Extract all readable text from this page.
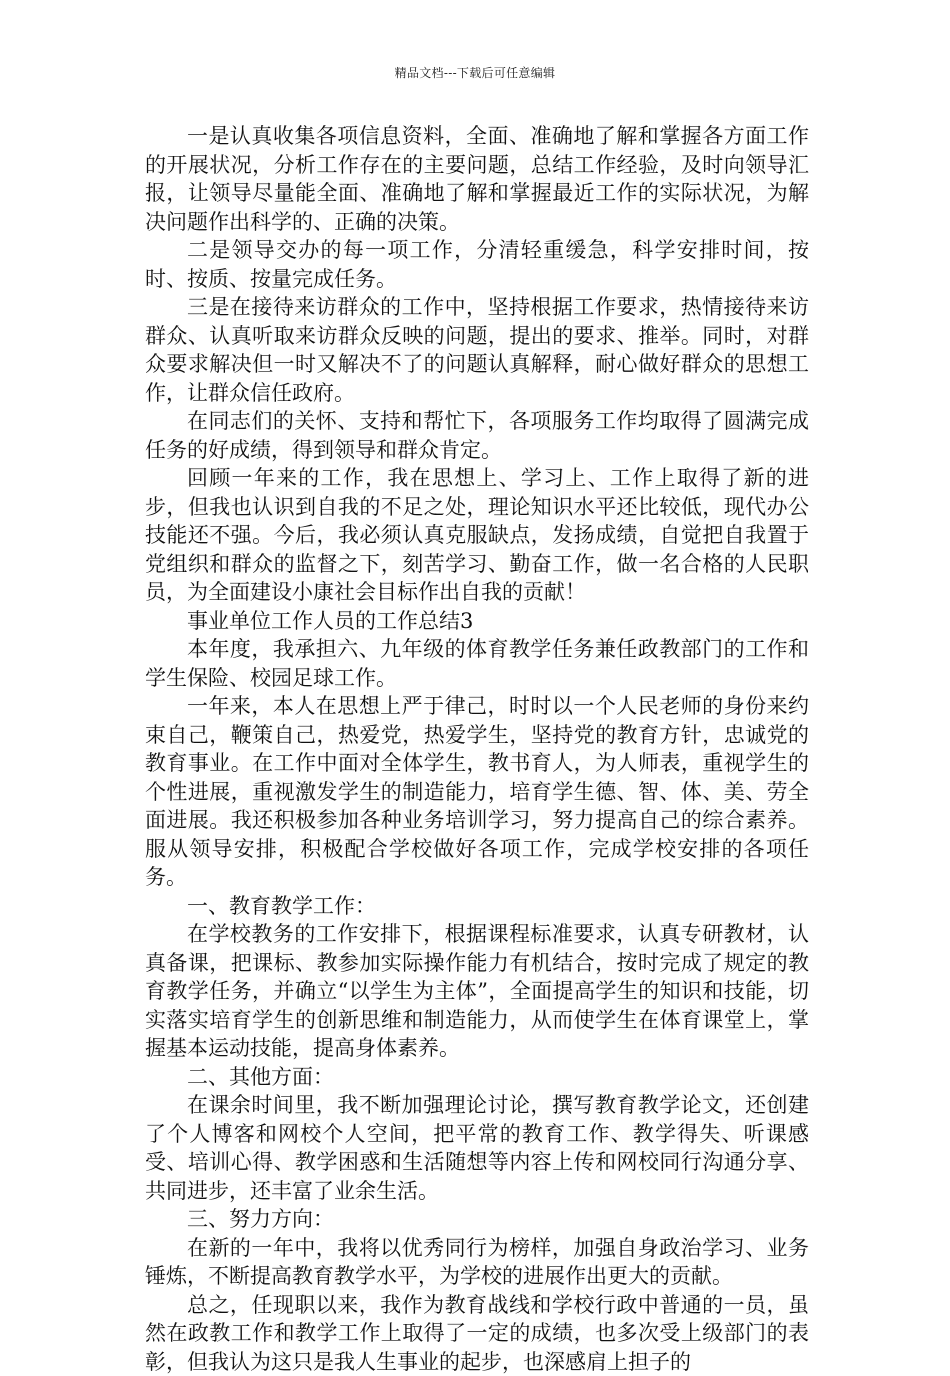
精品文档---下载后可任意编辑

一是认真收集各项信息资料，全面、准确地了解和掌握各方面工作的开展状况，分析工作存在的主要问题，总结工作经验，及时向领导汇报，让领导尽量能全面、准确地了解和掌握最近工作的实际状况，为解决问题作出科学的、正确的决策。

二是领导交办的每一项工作，分清轻重缓急，科学安排时间，按时、按质、按量完成任务。

三是在接待来访群众的工作中，坚持根据工作要求，热情接待来访群众、认真听取来访群众反映的问题，提出的要求、推举。同时，对群众要求解决但一时又解决不了的问题认真解释，耐心做好群众的思想工作，让群众信任政府。

在同志们的关怀、支持和帮忙下，各项服务工作均取得了圆满完成任务的好成绩，得到领导和群众肯定。

回顾一年来的工作，我在思想上、学习上、工作上取得了新的进步，但我也认识到自我的不足之处，理论知识水平还比较低，现代办公技能还不强。今后，我必须认真克服缺点，发扬成绩，自觉把自我置于党组织和群众的监督之下，刻苦学习、勤奋工作，做一名合格的人民职员，为全面建设小康社会目标作出自我的贡献！

事业单位工作人员的工作总结3

本年度，我承担六、九年级的体育教学任务兼任政教部门的工作和学生保险、校园足球工作。

一年来，本人在思想上严于律己，时时以一个人民老师的身份来约束自己，鞭策自己，热爱党，热爱学生，坚持党的教育方针，忠诚党的教育事业。在工作中面对全体学生，教书育人，为人师表，重视学生的个性进展，重视激发学生的制造能力，培育学生德、智、体、美、劳全面进展。我还积极参加各种业务培训学习，努力提高自己的综合素养。服从领导安排，积极配合学校做好各项工作，完成学校安排的各项任务。

一、教育教学工作：

在学校教务的工作安排下，根据课程标准要求，认真专研教材，认真备课，把课标、教参加实际操作能力有机结合，按时完成了规定的教育教学任务，并确立“以学生为主体”，全面提高学生的知识和技能，切实落实培育学生的创新思维和制造能力，从而使学生在体育课堂上，掌握基本运动技能，提高身体素养。

二、其他方面：

在课余时间里，我不断加强理论讨论，撰写教育教学论文，还创建了个人博客和网校个人空间，把平常的教育工作、教学得失、听课感受、培训心得、教学困惑和生活随想等内容上传和网校同行沟通分享、共同进步，还丰富了业余生活。

三、努力方向：

在新的一年中，我将以优秀同行为榜样，加强自身政治学习、业务锤炼，不断提高教育教学水平，为学校的进展作出更大的贡献。

总之，任现职以来，我作为教育战线和学校行政中普通的一员，虽然在政教工作和教学工作上取得了一定的成绩，也多次受上级部门的表彰，但我认为这只是我人生事业的起步，也深感肩上担子的
